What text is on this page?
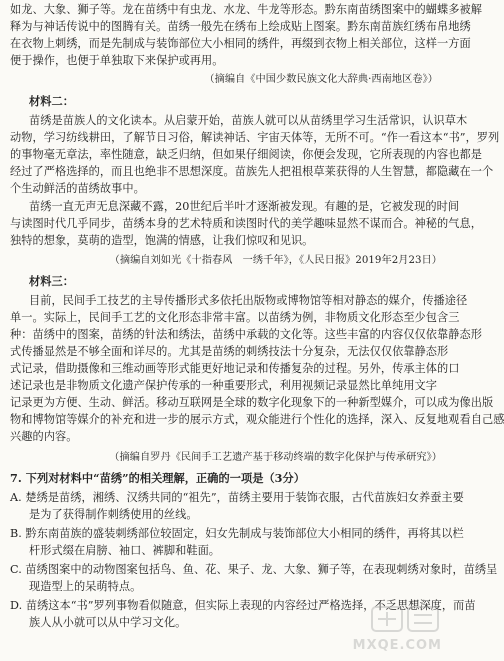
如龙、大象、狮子等。龙在苗绣中有虫龙、水龙、牛龙等形态。黔东南苗绣图案中的蝴蝶多被解
释为与神话传说中的图腾有关。苗绣一般先在绣布上绘成贴上图案。黔东南苗族红绣布帛地绣
在衣物上刺绣，而是先制成与装饰部位大小相同的绣件，再缀到衣物上相关部位，这样一方面
便于操作，也便于单独取下来保护或再用。
（摘编自《中国少数民族文化大辞典·西南地区卷》）
材料二：
苗绣是苗族人的文化读本。从启蒙开始，苗族人就可以从苗绣里学习生活常识，认识草木
动物，学习纺线耕田，了解节日习俗，解读神话、宇宙天体等，无所不可。“作一看这本“书”，罗列
的事物毫无章法，率性随意，缺乏归纳，但如果仔细阅读，你便会发现，它所表现的内容也都是
经过了严格选择的，而且也绝非不思想深度。苗族先人把祖根草莱获得的人生智慧，都隐藏在一个
个生动鲜活的苗绣故事中。
苗绣一直无声无息深藏不露，20世纪后半叶才逐渐被发现。有趣的是，它被发现的时间
与读图时代几乎同步，苗绣本身的艺术特质和读图时代的美学趣味显然不谋而合。神秘的气息，
独特的想象，莫萌的造型，饱满的情感，让我们惊叹和见识。
（摘编自刘如光《十指春风　一绣千年》，《人民日报》2019年2月23日）
材料三：
目前，民间手工技艺的主导传播形式多依托出版物或博物馆等相对静态的媒介，传播途径
单一。实际上，民间手工艺的文化形态非常丰富。以苗绣为例，非物质文化形态至少包含三
种：苗绣中的图案，苗绣的针法和绣法，苗绣中承载的文化等。这些丰富的内容仅仅依靠静态形
式传播显然是不够全面和详尽的。尤其是苗绣的刺绣技法十分复杂，无法仅仅依靠静态形
式记录，借助摄像和三维动画等形式能更好地记录和传播复杂的过程。另外，传承主体的口
述记录也是非物质文化遗产保护传承的一种重要形式，利用视频记录显然比单纯用文字
记录更为方便、生动、鲜活。移动互联网是全球的数字化现象下的一种新型媒介，可以成为像出版
物和博物馆等媒介的补充和进一步的展示方式，观众能进行个性化的选择，深入、反复地观看自己感
兴趣的内容。
（摘编自罗丹《民间手工艺遗产基于移动终端的数字化保护与传承研究》）
7. 下列对材料中“苗绣”的相关理解，正确的一项是（3分）
A. 楚绣是苗绣，湘绣、汉绣共同的“祖先”，苗绣主要用于装饰衣服，古代苗族妇女养蚕主要
是为了获得制作刺绣使用的丝线。
B. 黔东南苗族的盛装刺绣部位较固定，妇女先制成与装饰部位大小相同的绣件，再将其以栏
杆形式缀在肩膀、袖口、裤脚和鞋面。
C. 苗绣图案中的动物图案包括鸟、鱼、花、果子、龙、大象、狮子等，在表现刺绣对象时，苗绣呈
现造型上的呆萌特点。
D. 苗绣这本“书”罗列事物看似随意，但实际上表现的内容经过严格选择，不乏思想深度，而苗
族人从小就可以从中学习文化。
MXQE.COM
